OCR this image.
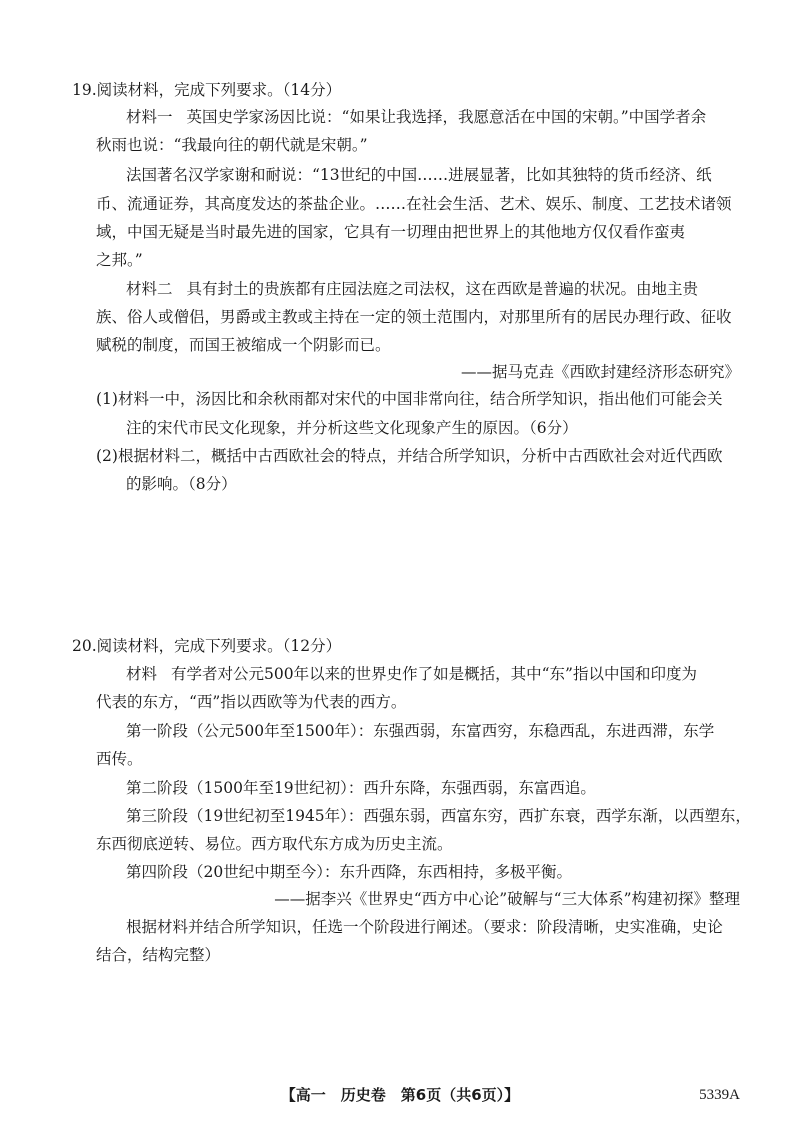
19.阅读材料，完成下列要求。（14分）
材料一 英国史学家汤因比说：“如果让我选择，我愿意活在中国的宋朝。”中国学者余
秋雨也说：“我最向往的朝代就是宋朝。”
法国著名汉学家谢和耐说：“13世纪的中国……进展显著，比如其独特的货币经济、纸
币、流通证券，其高度发达的茶盐企业。……在社会生活、艺术、娱乐、制度、工艺技术诸领
域，中国无疑是当时最先进的国家，它具有一切理由把世界上的其他地方仅仅看作蛮夷
之邦。”
材料二 具有封土的贵族都有庄园法庭之司法权，这在西欧是普遍的状况。由地主贵
族、俗人或僧侣，男爵或主教或主持在一定的领土范围内，对那里所有的居民办理行政、征收
赋税的制度，而国王被缩成一个阴影而已。
——据马克垚《西欧封建经济形态研究》
(1)材料一中，汤因比和余秋雨都对宋代的中国非常向往，结合所学知识，指出他们可能会关
注的宋代市民文化现象，并分析这些文化现象产生的原因。（6分）
(2)根据材料二，概括中古西欧社会的特点，并结合所学知识，分析中古西欧社会对近代西欧
的影响。（8分）
20.阅读材料，完成下列要求。（12分）
材料 有学者对公元500年以来的世界史作了如是概括，其中“东”指以中国和印度为
代表的东方，“西”指以西欧等为代表的西方。
第一阶段（公元500年至1500年）：东强西弱，东富西穷，东稳西乱，东进西滞，东学
西传。
第二阶段（1500年至19世纪初）：西升东降，东强西弱，东富西追。
第三阶段（19世纪初至1945年）：西强东弱，西富东穷，西扩东衰，西学东渐，以西塑东，
东西彻底逆转、易位。西方取代东方成为历史主流。
第四阶段（20世纪中期至今）：东升西降，东西相持，多极平衡。
——据李兴《世界史“西方中心论”破解与“三大体系”构建初探》整理
根据材料并结合所学知识，任选一个阶段进行阐述。（要求：阶段清晰，史实准确，史论
结合，结构完整）
【高一　历史卷　第6页（共6页）】	5339A
